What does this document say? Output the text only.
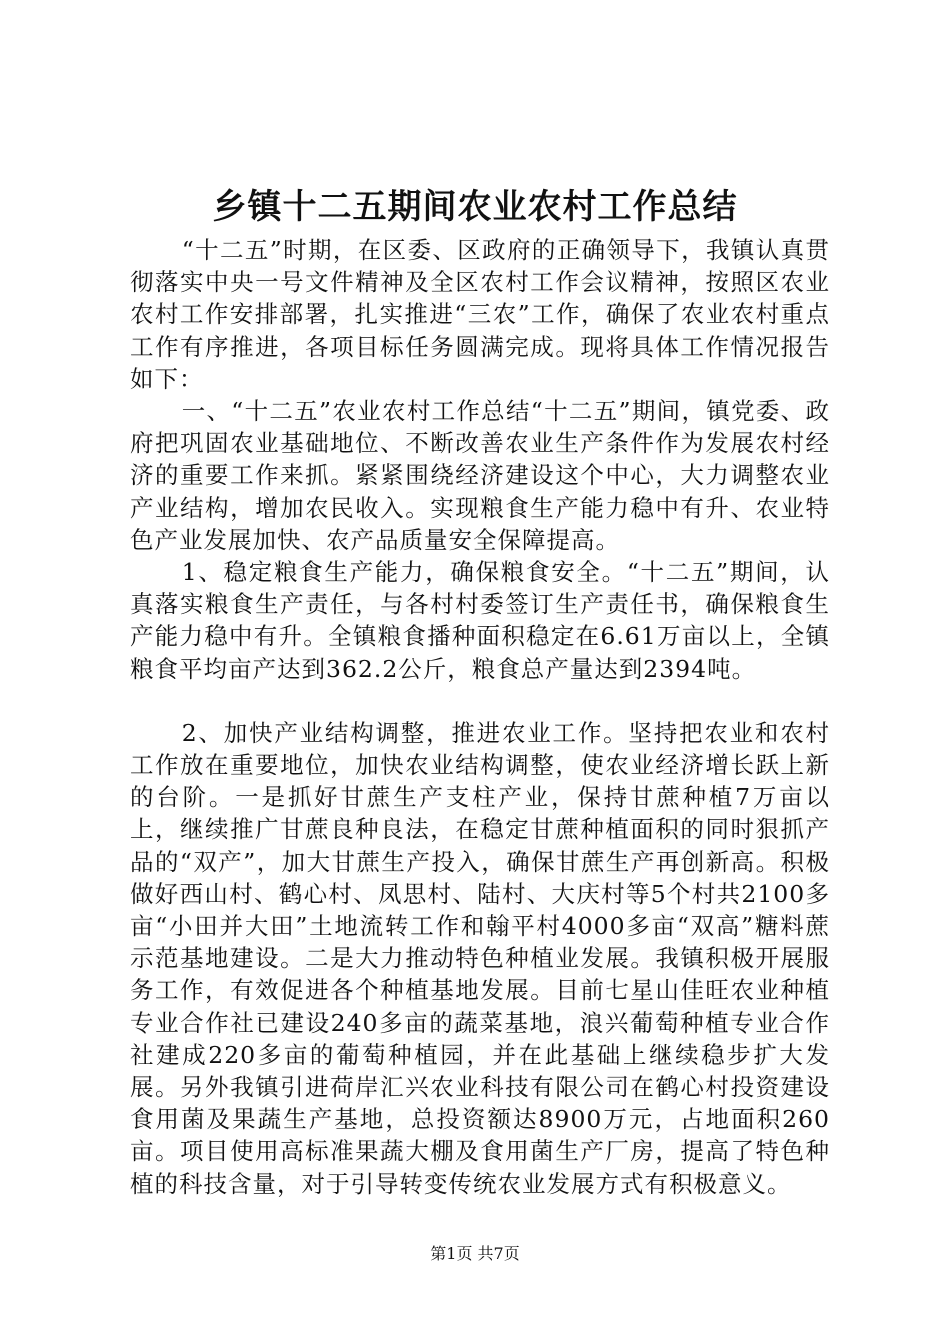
乡镇十二五期间农业农村工作总结

“十二五”时期，在区委、区政府的正确领导下，我镇认真贯彻落实中央一号文件精神及全区农村工作会议精神，按照区农业农村工作安排部署，扎实推进“三农”工作，确保了农业农村重点工作有序推进，各项目标任务圆满完成。现将具体工作情况报告如下：

一、“十二五”农业农村工作总结“十二五”期间，镇党委、政府把巩固农业基础地位、不断改善农业生产条件作为发展农村经济的重要工作来抓。紧紧围绕经济建设这个中心，大力调整农业产业结构，增加农民收入。实现粮食生产能力稳中有升、农业特色产业发展加快、农产品质量安全保障提高。

1、稳定粮食生产能力，确保粮食安全。“十二五”期间，认真落实粮食生产责任，与各村村委签订生产责任书，确保粮食生产能力稳中有升。全镇粮食播种面积稳定在6.61万亩以上，全镇粮食平均亩产达到362.2公斤，粮食总产量达到2394吨。

2、加快产业结构调整，推进农业工作。坚持把农业和农村工作放在重要地位，加快农业结构调整，使农业经济增长跃上新的台阶。一是抓好甘蔗生产支柱产业，保持甘蔗种植7万亩以上，继续推广甘蔗良种良法，在稳定甘蔗种植面积的同时狠抓产品的“双产”，加大甘蔗生产投入，确保甘蔗生产再创新高。积极做好西山村、鹤心村、凤思村、陆村、大庆村等5个村共2100多亩“小田并大田”土地流转工作和翰平村4000多亩“双高”糖料蔗示范基地建设。二是大力推动特色种植业发展。我镇积极开展服务工作，有效促进各个种植基地发展。目前七星山佳旺农业种植专业合作社已建设240多亩的蔬菜基地，浪兴葡萄种植专业合作社建成220多亩的葡萄种植园，并在此基础上继续稳步扩大发展。另外我镇引进荷岸汇兴农业科技有限公司在鹤心村投资建设食用菌及果蔬生产基地，总投资额达8900万元，占地面积260亩。项目使用高标准果蔬大棚及食用菌生产厂房，提高了特色种植的科技含量，对于引导转变传统农业发展方式有积极意义。

第1页 共7页
